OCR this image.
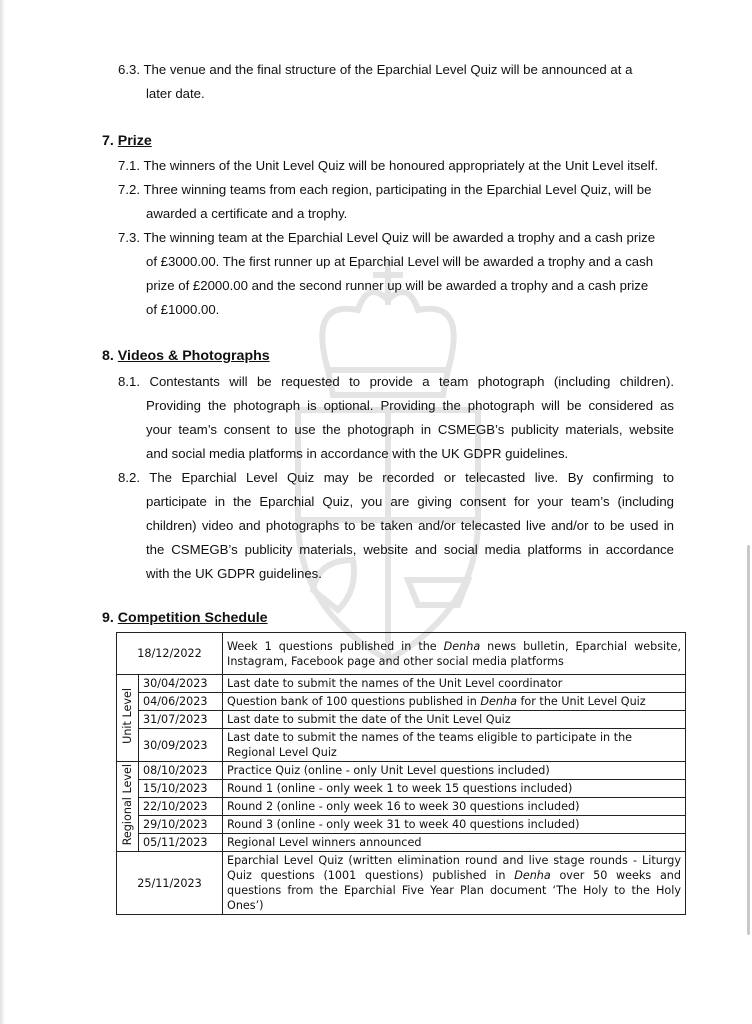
6.3. The venue and the final structure of the Eparchial Level Quiz will be announced at a
later date.
7. Prize
7.1. The winners of the Unit Level Quiz will be honoured appropriately at the Unit Level itself.
7.2. Three winning teams from each region, participating in the Eparchial Level Quiz, will be
awarded a certificate and a trophy.
7.3. The winning team at the Eparchial Level Quiz will be awarded a trophy and a cash prize
of £3000.00. The first runner up at Eparchial Level will be awarded a trophy and a cash
prize of £2000.00 and the second runner up will be awarded a trophy and a cash prize
of £1000.00.
8. Videos & Photographs
8.1. Contestants will be requested to provide a team photograph (including children).
Providing the photograph is optional. Providing the photograph will be considered as
your team’s consent to use the photograph in CSMEGB’s publicity materials, website
and social media platforms in accordance with the UK GDPR guidelines.
8.2. The Eparchial Level Quiz may be recorded or telecasted live. By confirming to
participate in the Eparchial Quiz, you are giving consent for your team’s (including
children) video and photographs to be taken and/or telecasted live and/or to be used in
the CSMEGB’s publicity materials, website and social media platforms in accordance
with the UK GDPR guidelines.
9. Competition Schedule
18/12/2022		Week 1 questions published in the Denha news bulletin, Eparchial website, Instagram, Facebook page and other social media platforms
Unit Level	30/04/2023	Last date to submit the names of the Unit Level coordinator
	04/06/2023	Question bank of 100 questions published in Denha for the Unit Level Quiz
	31/07/2023	Last date to submit the date of the Unit Level Quiz
	30/09/2023	Last date to submit the names of the teams eligible to participate in the Regional Level Quiz
Regional Level	08/10/2023	Practice Quiz (online - only Unit Level questions included)
	15/10/2023	Round 1 (online - only week 1 to week 15 questions included)
	22/10/2023	Round 2 (online - only week 16 to week 30 questions included)
	29/10/2023	Round 3 (online - only week 31 to week 40 questions included)
	05/11/2023	Regional Level winners announced
25/11/2023		Eparchial Level Quiz (written elimination round and live stage rounds - Liturgy Quiz questions (1001 questions) published in Denha over 50 weeks and questions from the Eparchial Five Year Plan document ‘The Holy to the Holy Ones’)
